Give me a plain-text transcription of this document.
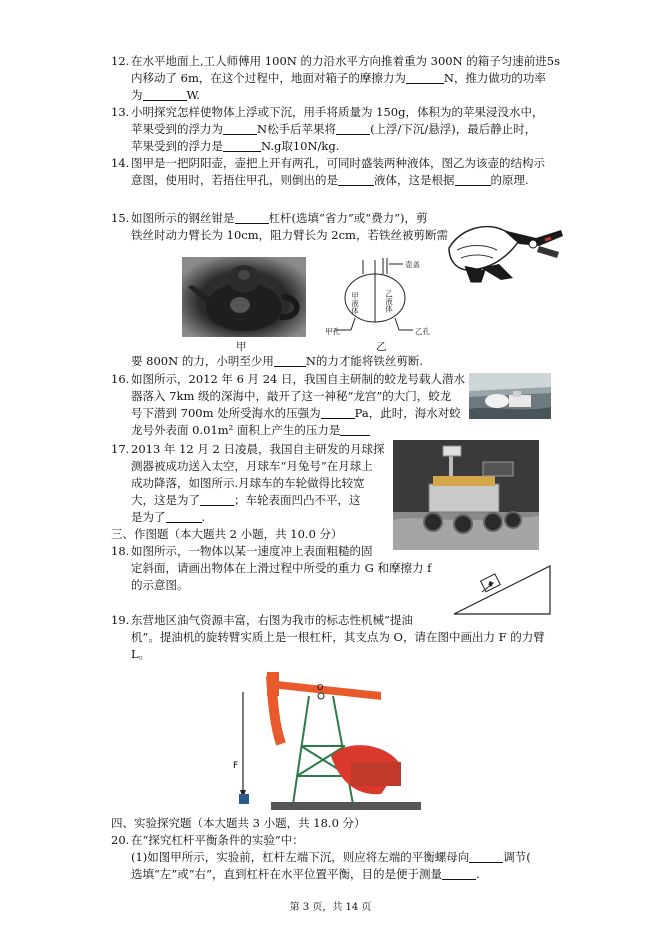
12. 在水平地面上,工人师傅用 100N 的力沿水平方向推着重为 300N 的箱子匀速前进5s
内移动了 6m，在这个过程中，地面对箱子的摩擦力为	N，推力做功的功率
为	W.
13. 小明探究怎样使物体上浮或下沉，用手将质量为 150g，体积为的苹果浸没水中，
苹果受到的浮力为	N松手后苹果将	(上浮/下沉/悬浮)，最后静止时，
苹果受到的浮力是	N.g取10N/kg.
14. 图甲是一把阴阳壶，壶把上开有两孔，可同时盛装两种液体，图乙为该壶的结构示
意图，使用时，若捂住甲孔，则倒出的是	液体，这是根据	的原理.
15. 如图所示的钢丝钳是	杠杆(选填“省力”或“费力”)，剪
铁丝时动力臂长为 10cm，阻力臂长为 2cm，若铁丝被剪断需
甲
壶盖
甲液体	乙液体
甲孔	乙孔
乙
要 800N 的力，小明至少用	N的力才能将铁丝剪断.
16. 如图所示，2012 年 6 月 24 日，我国自主研制的蛟龙号载人潜水
器落入 7km 级的深海中，敲开了这一神秘“龙宫”的大门，蛟龙
号下潜到 700m 处所受海水的压强为	Pa，此时，海水对蛟
龙号外表面 0.01m² 面积上产生的压力是
17. 2013 年 12 月 2 日凌晨，我国自主研发的月球探
测器被成功送入太空，月球车“月兔号”在月球上
成功降落，如图所示.月球车的车轮做得比较宽
大，这是为了	；车轮表面凹凸不平，这
是为了	.
三、作图题（本大题共 2 小题，共 10.0 分）
18. 如图所示，一物体以某一速度冲上表面粗糙的固
定斜面，请画出物体在上滑过程中所受的重力 G 和摩擦力 f
的示意图。
19. 东营地区油气资源丰富，右图为我市的标志性机械“提油
机”。提油机的旋转臂实质上是一根杠杆，其支点为 O，请在图中画出力 F 的力臂
L。
F
O
四、实验探究题（本大题共 3 小题，共 18.0 分）
20. 在“探究杠杆平衡条件的实验”中：
(1)如图甲所示，实验前，杠杆左端下沉，则应将左端的平衡螺母向	调节(
选填“左”或“右”，直到杠杆在水平位置平衡，目的是便于测量	.
第 3 页，共 14 页
